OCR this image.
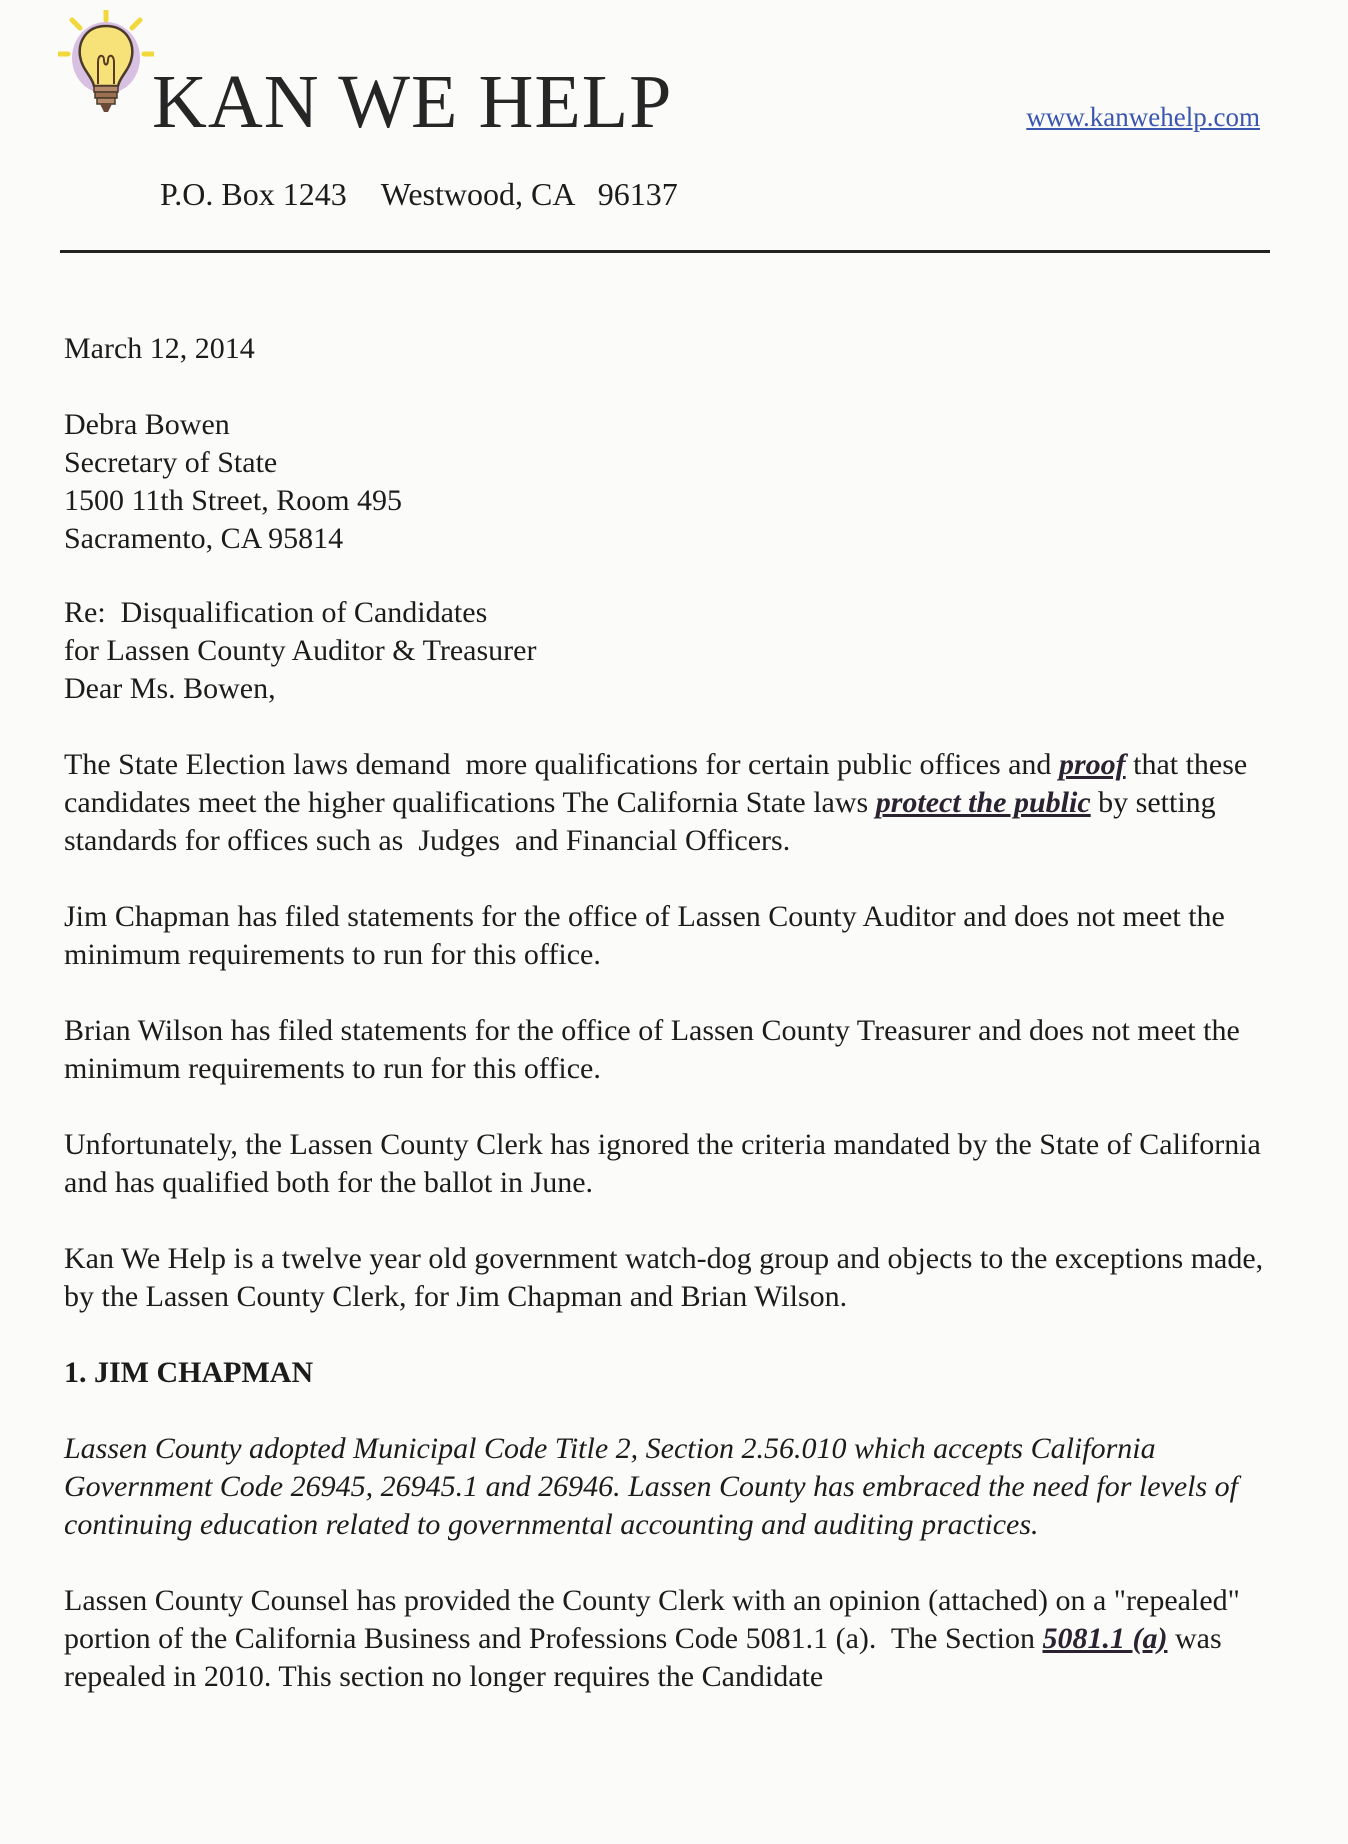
KAN WE HELP	www.kanwehelp.com
P.O. Box 1243 Westwood, CA   96137

March 12, 2014

Debra Bowen
Secretary of State
1500 11th Street, Room 495
Sacramento, CA 95814

Re:  Disqualification of Candidates
for Lassen County Auditor & Treasurer

Dear Ms. Bowen,

The State Election laws demand  more qualifications for certain public offices and proof that these candidates meet the higher qualifications The California State laws protect the public by setting standards for offices such as  Judges  and Financial Officers.

Jim Chapman has filed statements for the office of Lassen County Auditor and does not meet the minimum requirements to run for this office.

Brian Wilson has filed statements for the office of Lassen County Treasurer and does not meet the minimum requirements to run for this office.

Unfortunately, the Lassen County Clerk has ignored the criteria mandated by the State of California and has qualified both for the ballot in June.

Kan We Help is a twelve year old government watch-dog group and objects to the exceptions made, by the Lassen County Clerk, for Jim Chapman and Brian Wilson.

1. JIM CHAPMAN

Lassen County adopted Municipal Code Title 2, Section 2.56.010 which accepts California Government Code 26945, 26945.1 and 26946. Lassen County has embraced the need for levels of continuing education related to governmental accounting and auditing practices.

Lassen County Counsel has provided the County Clerk with an opinion (attached) on a "repealed" portion of the California Business and Professions Code 5081.1 (a).  The Section 5081.1 (a) was repealed in 2010. This section no longer requires the Candidate
